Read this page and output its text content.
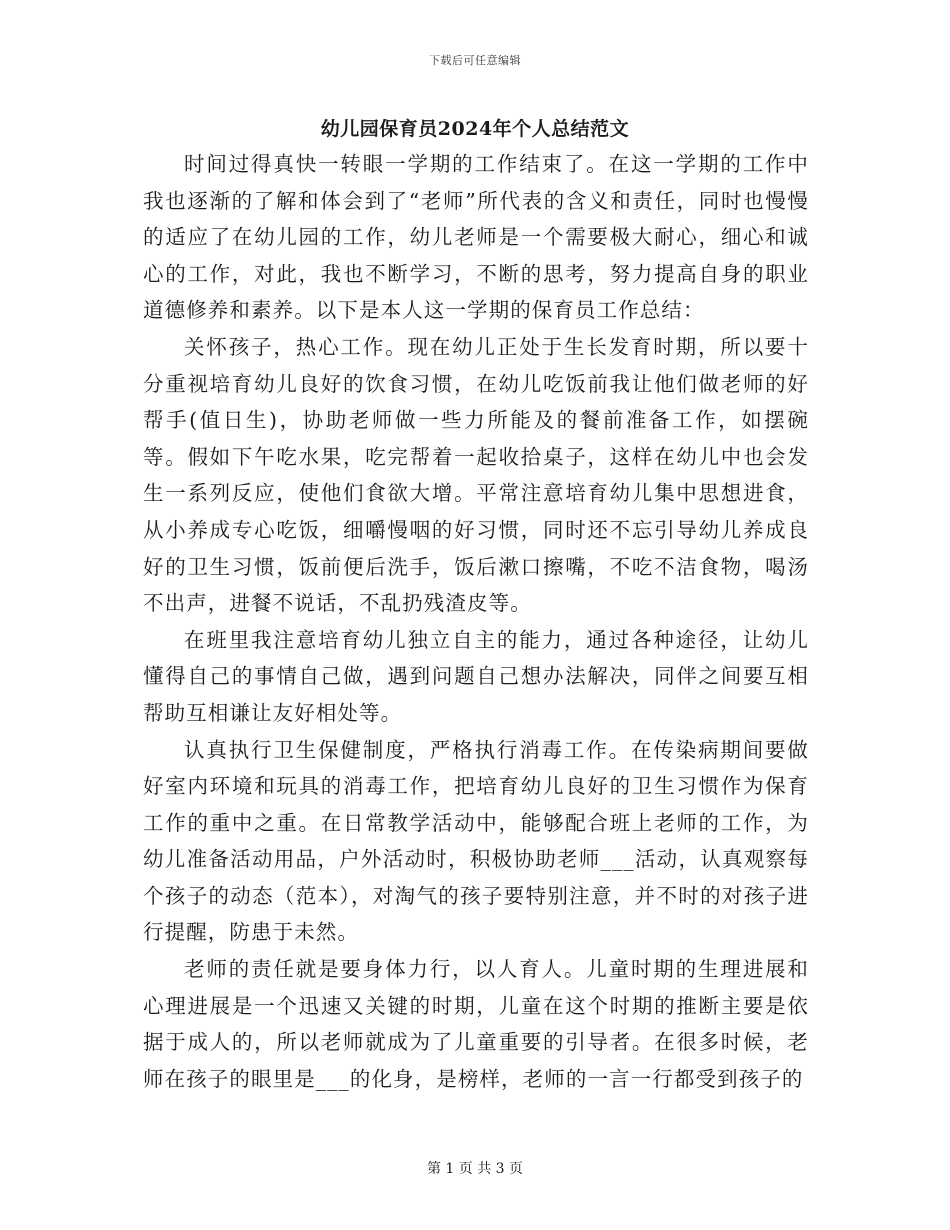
下载后可任意编辑
幼儿园保育员2024年个人总结范文

时间过得真快一转眼一学期的工作结束了。在这一学期的工作中我也逐渐的了解和体会到了“老师”所代表的含义和责任，同时也慢慢的适应了在幼儿园的工作，幼儿老师是一个需要极大耐心，细心和诚心的工作，对此，我也不断学习，不断的思考，努力提高自身的职业道德修养和素养。以下是本人这一学期的保育员工作总结：

关怀孩子，热心工作。现在幼儿正处于生长发育时期，所以要十分重视培育幼儿良好的饮食习惯，在幼儿吃饭前我让他们做老师的好帮手(值日生)，协助老师做一些力所能及的餐前准备工作，如摆碗等。假如下午吃水果，吃完帮着一起收拾桌子，这样在幼儿中也会发生一系列反应，使他们食欲大增。平常注意培育幼儿集中思想进食，从小养成专心吃饭，细嚼慢咽的好习惯，同时还不忘引导幼儿养成良好的卫生习惯，饭前便后洗手，饭后漱口擦嘴，不吃不洁食物，喝汤不出声，进餐不说话，不乱扔残渣皮等。

在班里我注意培育幼儿独立自主的能力，通过各种途径，让幼儿懂得自己的事情自己做，遇到问题自己想办法解决，同伴之间要互相帮助互相谦让友好相处等。

认真执行卫生保健制度，严格执行消毒工作。在传染病期间要做好室内环境和玩具的消毒工作，把培育幼儿良好的卫生习惯作为保育工作的重中之重。在日常教学活动中，能够配合班上老师的工作，为幼儿准备活动用品，户外活动时，积极协助老师___活动，认真观察每个孩子的动态（范本），对淘气的孩子要特别注意，并不时的对孩子进行提醒，防患于未然。

老师的责任就是要身体力行，以人育人。儿童时期的生理进展和心理进展是一个迅速又关键的时期，儿童在这个时期的推断主要是依据于成人的，所以老师就成为了儿童重要的引导者。在很多时候，老师在孩子的眼里是___的化身，是榜样，老师的一言一行都受到孩子的

第 1 页 共 3 页
